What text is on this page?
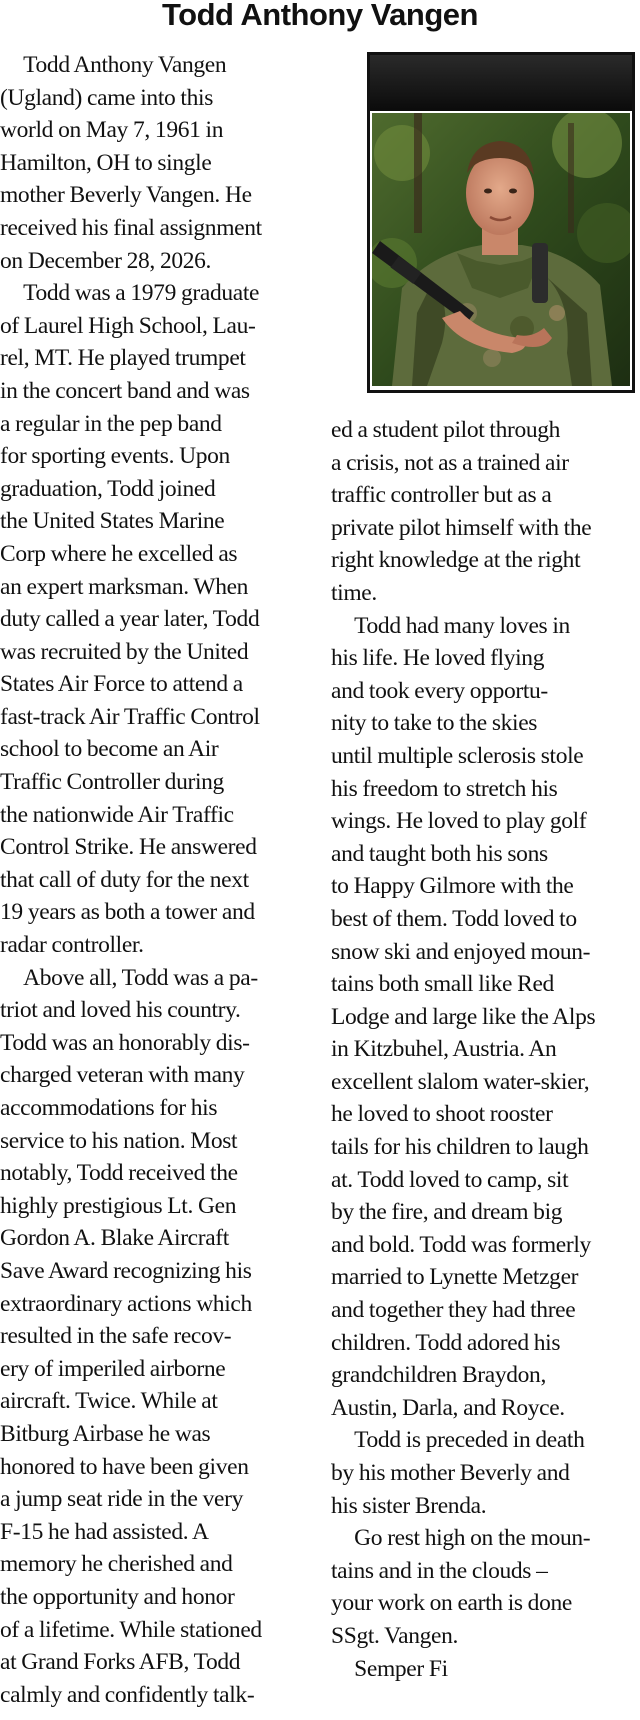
Todd Anthony Vangen

 Todd Anthony Vangen

(Ugland) came into this

world on May 7, 1961 in

Hamilton, OH to single

mother Beverly Vangen. He

received his final assignment

on December 28, 2026.

 Todd was a 1979 graduate

of Laurel High School, Lau-

rel, MT. He played trumpet

in the concert band and was

a regular in the pep band

for sporting events. Upon

graduation, Todd joined

the United States Marine

Corp where he excelled as

an expert marksman. When

duty called a year later, Todd

was recruited by the United

States Air Force to attend a

fast-track Air Traffic Control

school to become an Air

Traffic Controller during

the nationwide Air Traffic

Control Strike. He answered

that call of duty for the next

19 years as both a tower and

radar controller.

 Above all, Todd was a pa-

triot and loved his country.

Todd was an honorably dis-

charged veteran with many

accommodations for his

service to his nation. Most

notably, Todd received the

highly prestigious Lt. Gen

Gordon A. Blake Aircraft

Save Award recognizing his

extraordinary actions which

resulted in the safe recov-

ery of imperiled airborne

aircraft. Twice. While at

Bitburg Airbase he was

honored to have been given

a jump seat ride in the very

F-15 he had assisted. A

memory he cherished and

the opportunity and honor

of a lifetime. While stationed

at Grand Forks AFB, Todd

calmly and confidently talk-

ed a student pilot through

a crisis, not as a trained air

traffic controller but as a

private pilot himself with the

right knowledge at the right

time.

 Todd had many loves in

his life. He loved flying

and took every opportu-

nity to take to the skies

until multiple sclerosis stole

his freedom to stretch his

wings. He loved to play golf

and taught both his sons

to Happy Gilmore with the

best of them. Todd loved to

snow ski and enjoyed moun-

tains both small like Red

Lodge and large like the Alps

in Kitzbuhel, Austria. An

excellent slalom water-skier,

he loved to shoot rooster

tails for his children to laugh

at. Todd loved to camp, sit

by the fire, and dream big

and bold. Todd was formerly

married to Lynette Metzger

and together they had three

children. Todd adored his

grandchildren Braydon,

Austin, Darla, and Royce.

 Todd is preceded in death

by his mother Beverly and

his sister Brenda.

 Go rest high on the moun-

tains and in the clouds –

your work on earth is done

SSgt. Vangen.

 Semper Fi
